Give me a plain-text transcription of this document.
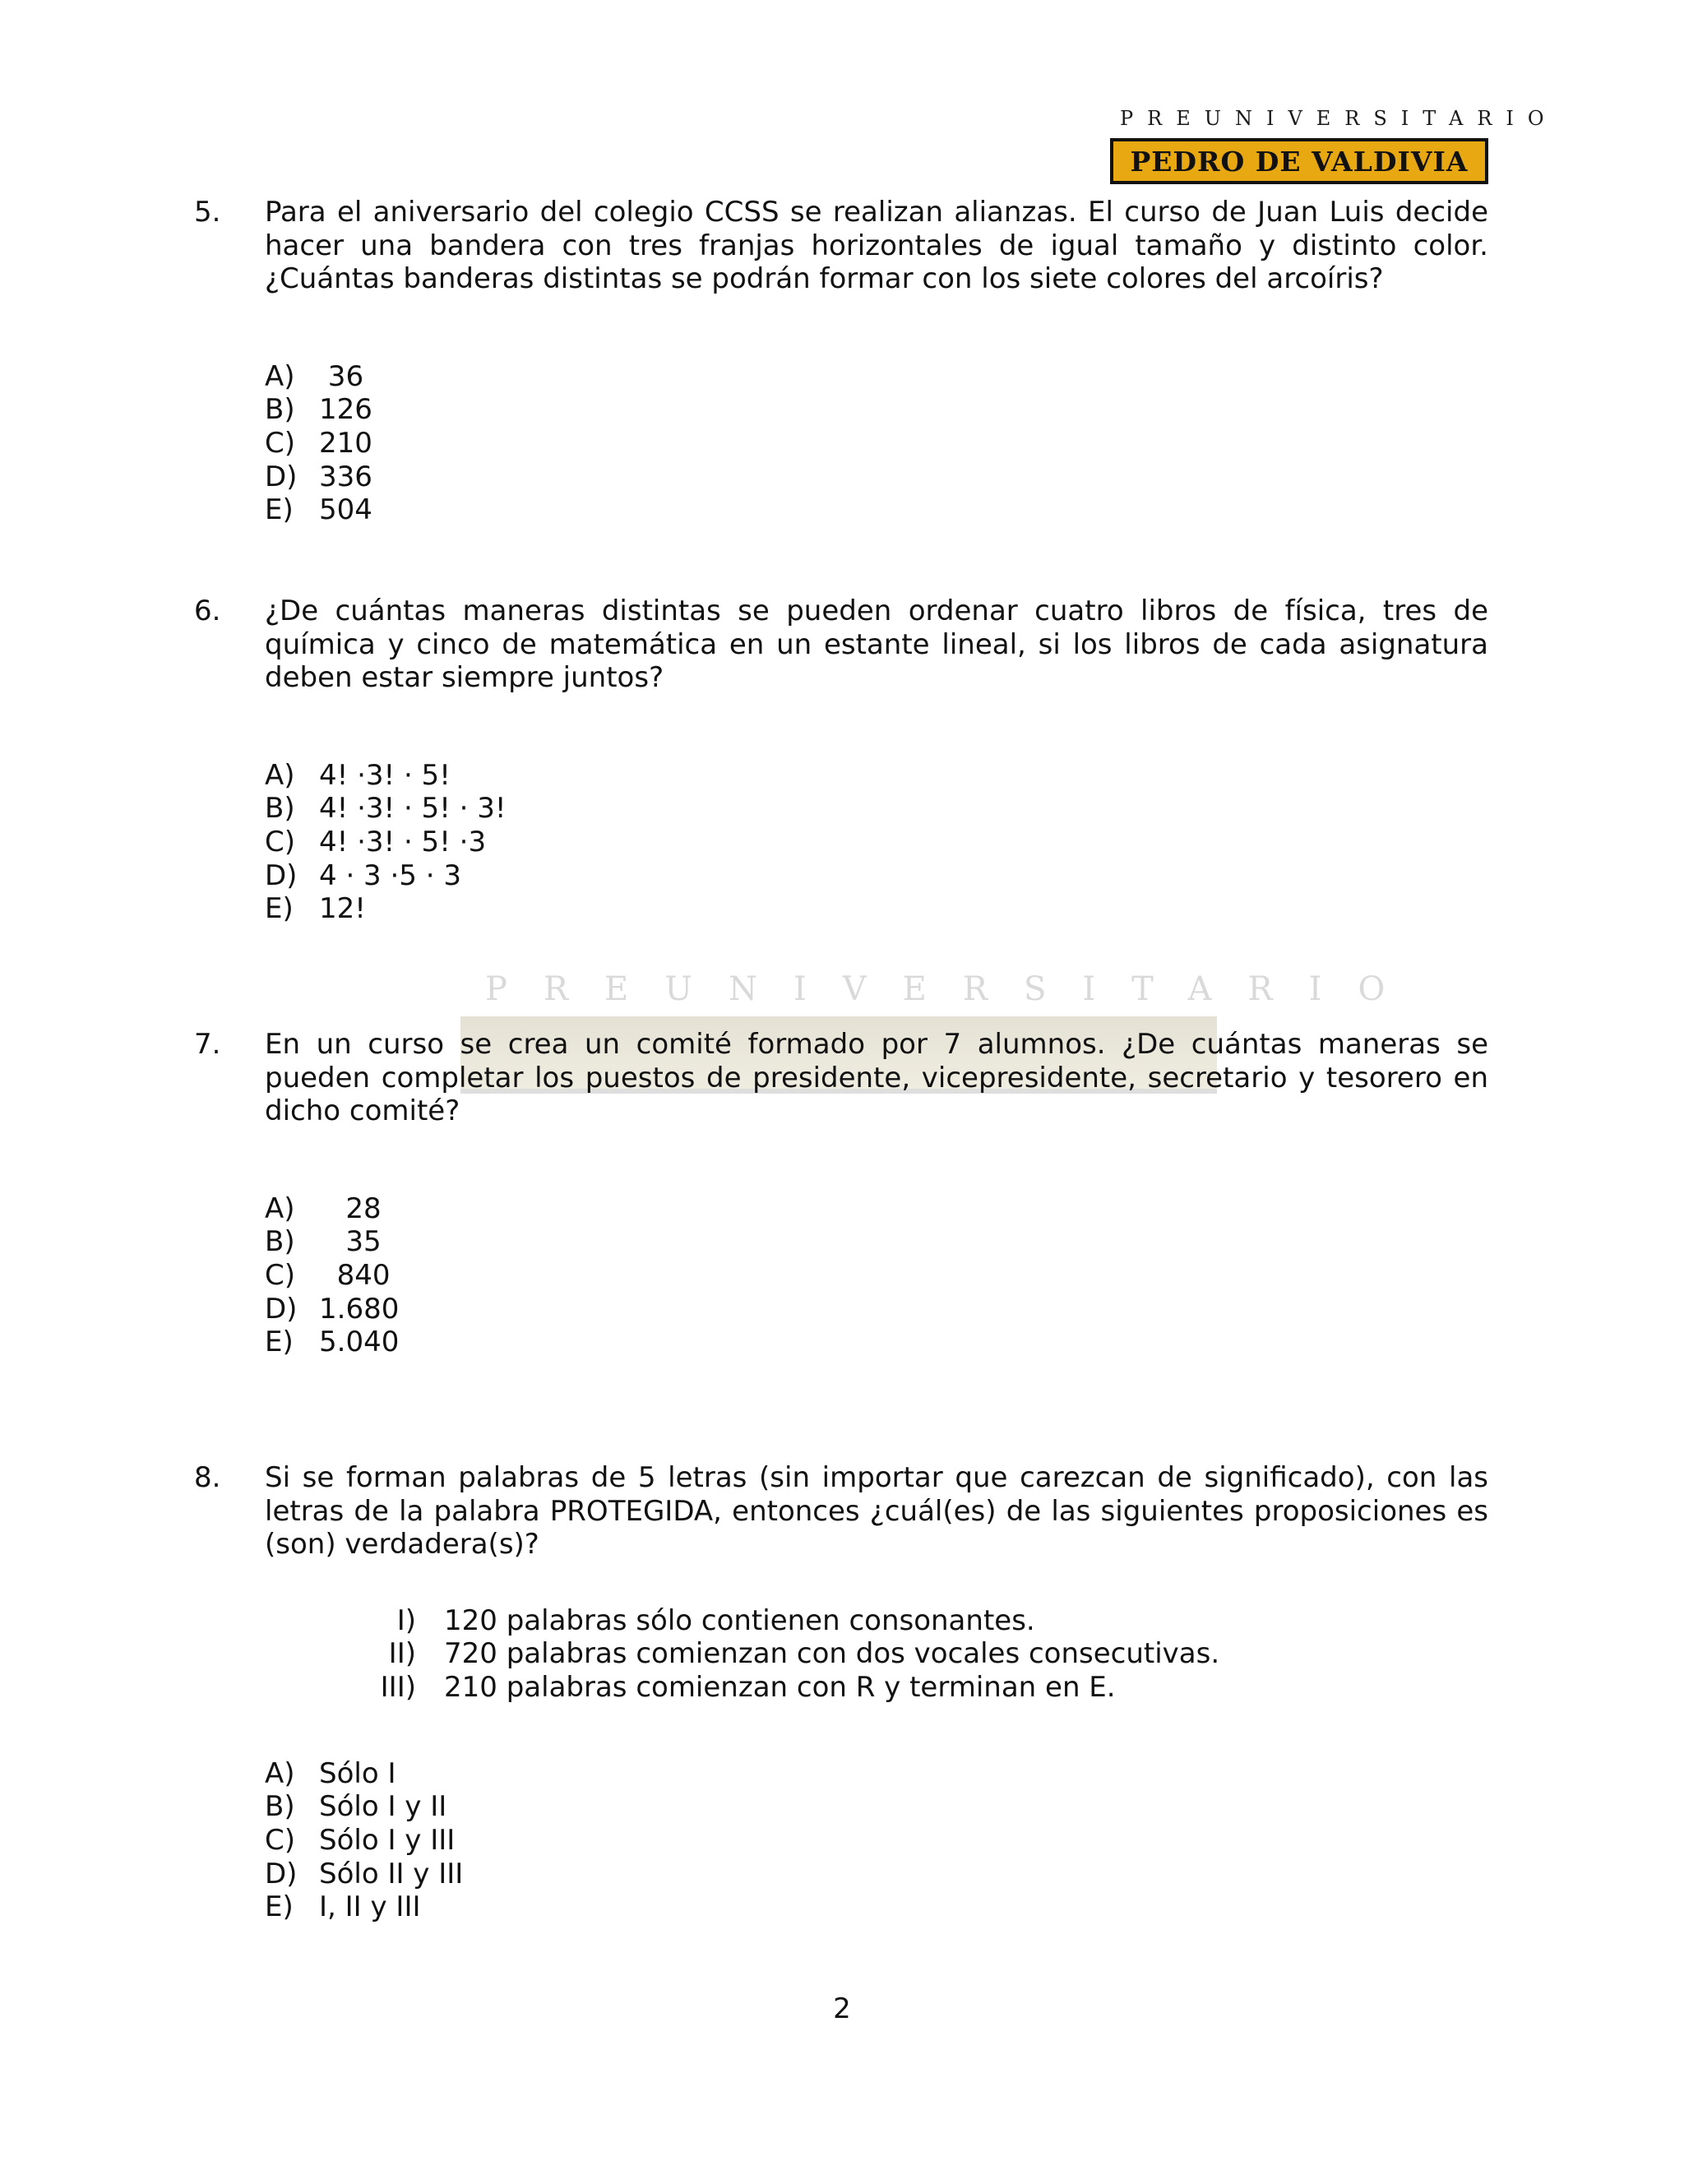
PREUNIVERSITARIO
PREUNIVERSITARIO
PEDRO DE VALDIVIA
5. Para el aniversario del colegio CCSS se realizan alianzas. El curso de Juan Luis decide hacer una bandera con tres franjas horizontales de igual tamaño y distinto color. ¿Cuántas banderas distintas se podrán formar con los siete colores del arcoíris?
A) 36
B) 126
C) 210
D) 336
E) 504
6. ¿De cuántas maneras distintas se pueden ordenar cuatro libros de física, tres de química y cinco de matemática en un estante lineal, si los libros de cada asignatura deben estar siempre juntos?
A) 4! ·3! · 5!
B) 4! ·3! · 5! · 3!
C) 4! ·3! · 5! ·3
D) 4 · 3 ·5 · 3
E) 12!
7. En un curso se crea un comité formado por 7 alumnos. ¿De cuántas maneras se pueden completar los puestos de presidente, vicepresidente, secretario y tesorero en dicho comité?
A) 28
B) 35
C) 840
D) 1.680
E) 5.040
8. Si se forman palabras de 5 letras (sin importar que carezcan de significado), con las letras de la palabra PROTEGIDA, entonces ¿cuál(es) de las siguientes proposiciones es (son) verdadera(s)?
I)	120 palabras sólo contienen consonantes.
II)	720 palabras comienzan con dos vocales consecutivas.
III)	210 palabras comienzan con R y terminan en E.
A) Sólo I
B) Sólo I y II
C) Sólo I y III
D) Sólo II y III
E) I, II y III
2
